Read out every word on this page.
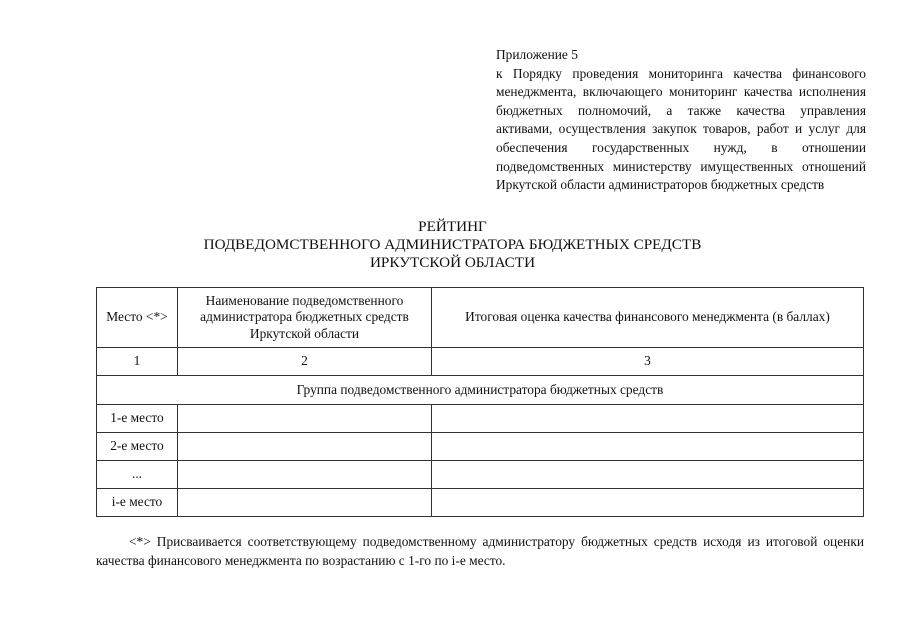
Приложение 5
к Порядку проведения мониторинга качества финансового менеджмента, включающего мониторинг качества исполнения бюджетных полномочий, а также качества управления активами, осуществления закупок товаров, работ и услуг для обеспечения государственных нужд, в отношении подведомственных министерству имущественных отношений Иркутской области администраторов бюджетных средств
РЕЙТИНГ
ПОДВЕДОМСТВЕННОГО АДМИНИСТРАТОРА БЮДЖЕТНЫХ СРЕДСТВ
ИРКУТСКОЙ ОБЛАСТИ
Место <*>	Наименование подведомственного администратора бюджетных средств Иркутской области	Итоговая оценка качества финансового менеджмента (в баллах)
1	2	3
Группа подведомственного администратора бюджетных средств		
1-е место		
2-е место		
...		
i-е место		
<*> Присваивается соответствующему подведомственному администратору бюджетных средств исходя из итоговой оценки качества финансового менеджмента по возрастанию с 1-го по i-е место.
